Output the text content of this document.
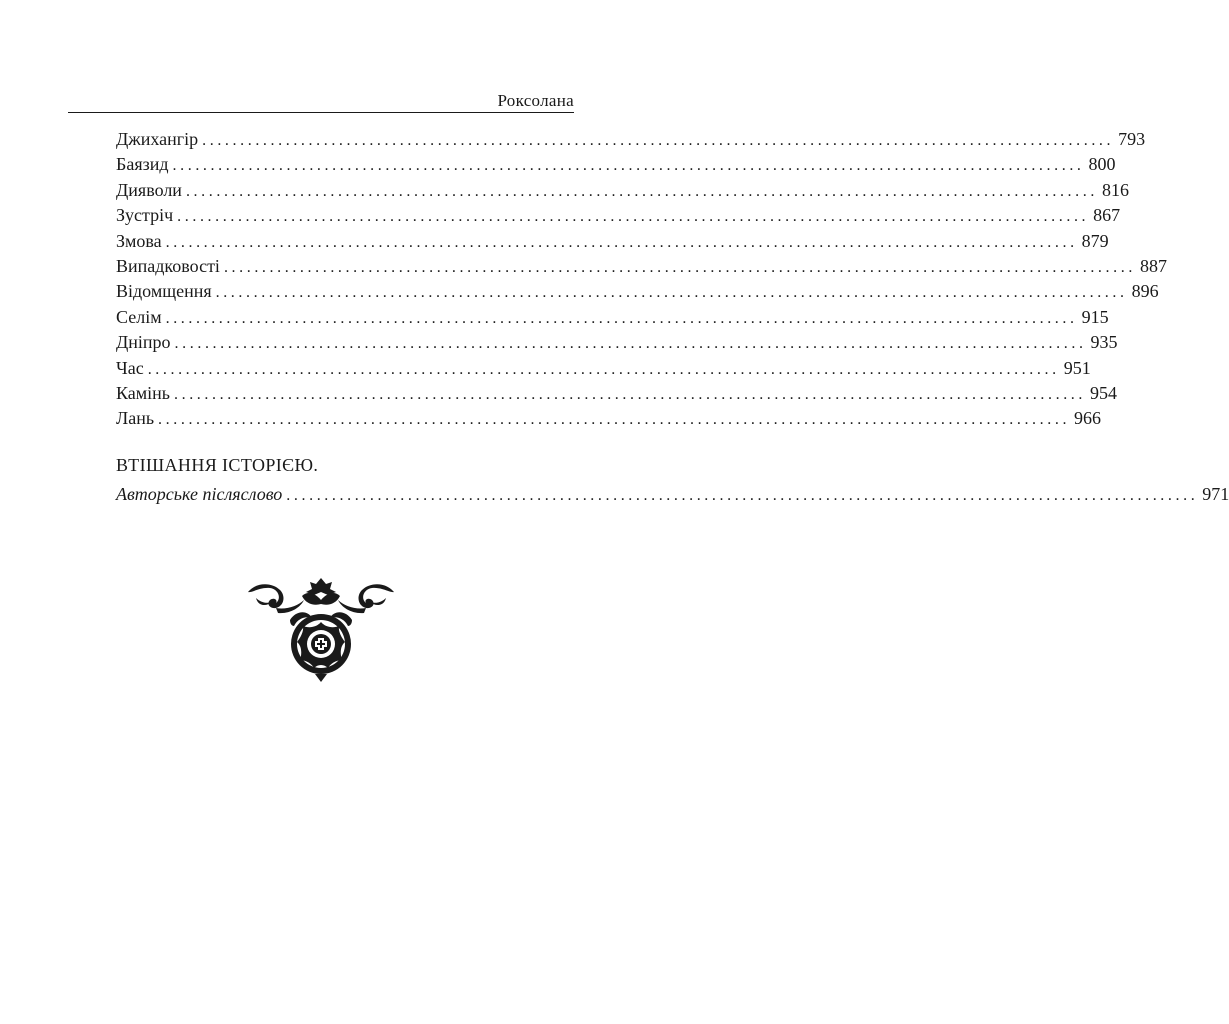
Роксолана
Джихангір ........................................................................................................................ 793
Баязид ........................................................................................................................ 800
Дияволи ........................................................................................................................ 816
Зустріч ........................................................................................................................ 867
Змова ........................................................................................................................ 879
Випадковості ........................................................................................................................ 887
Відомщення ........................................................................................................................ 896
Селім ........................................................................................................................ 915
Дніпро ........................................................................................................................ 935
Час ........................................................................................................................ 951
Камінь ........................................................................................................................ 954
Лань ........................................................................................................................ 966
ВТІШАННЯ ІСТОРІЄЮ.
Авторське післяслово ........................................................................................................................ 971
